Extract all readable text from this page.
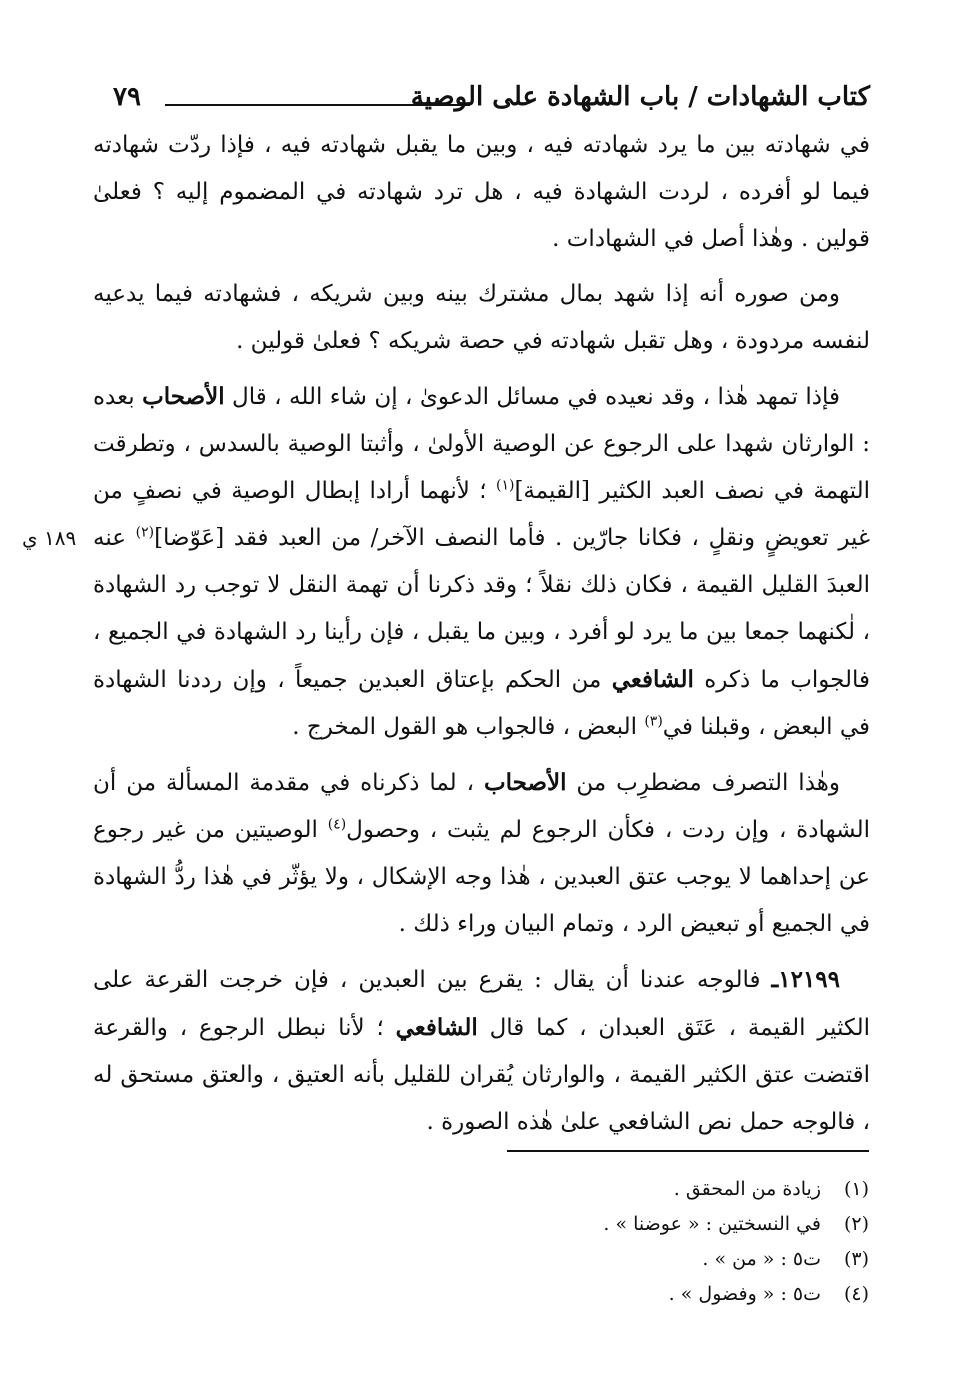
كتاب الشهادات / باب الشهادة على الوصية
٧٩
١٨٩ ي

في شهادته بين ما يرد شهادته فيه ، وبين ما يقبل شهادته فيه ، فإذا ردّت شهادته فيما لو أفرده ، لردت الشهادة فيه ، هل ترد شهادته في المضموم إليه ؟ فعلىٰ قولين . وهٰذا أصل في الشهادات .

ومن صوره أنه إذا شهد بمال مشترك بينه وبين شريكه ، فشهادته فيما يدعيه لنفسه مردودة ، وهل تقبل شهادته في حصة شريكه ؟ فعلىٰ قولين .

فإذا تمهد هٰذا ، وقد نعيده في مسائل الدعوىٰ ، إن شاء الله ، قال الأصحاب بعده : الوارثان شهدا على الرجوع عن الوصية الأولىٰ ، وأثبتا الوصية بالسدس ، وتطرقت التهمة في نصف العبد الكثير [القيمة]$^{(١)}$ ؛ لأنهما أرادا إبطال الوصية في نصفٍ من غير تعويضٍ ونقلٍ ، فكانا جارّين . فأما النصف الآخر/ من العبد فقد [عَوّضا]$^{(٢)}$ عنه العبدَ القليل القيمة ، فكان ذلك نقلاً ؛ وقد ذكرنا أن تهمة النقل لا توجب رد الشهادة ، لٰكنهما جمعا بين ما يرد لو أفرد ، وبين ما يقبل ، فإن رأينا رد الشهادة في الجميع ، فالجواب ما ذكره الشافعي من الحكم بإعتاق العبدين جميعاً ، وإن رددنا الشهادة في البعض ، وقبلنا في$^{(٣)}$ البعض ، فالجواب هو القول المخرج .

وهٰذا التصرف مضطرِب من الأصحاب ، لما ذكرناه في مقدمة المسألة من أن الشهادة ، وإن ردت ، فكأن الرجوع لم يثبت ، وحصول$^{(٤)}$ الوصيتين من غير رجوع عن إحداهما لا يوجب عتق العبدين ، هٰذا وجه الإشكال ، ولا يؤثّر في هٰذا ردُّ الشهادة في الجميع أو تبعيض الرد ، وتمام البيان وراء ذلك .

١٢١٩٩ـ فالوجه عندنا أن يقال : يقرع بين العبدين ، فإن خرجت القرعة على الكثير القيمة ، عَتَق العبدان ، كما قال الشافعي ؛ لأنا نبطل الرجوع ، والقرعة اقتضت عتق الكثير القيمة ، والوارثان يُقران للقليل بأنه العتيق ، والعتق مستحق له ، فالوجه حمل نص الشافعي علىٰ هٰذه الصورة .

(١)
زيادة من المحقق .
(٢)
في النسختين : « عوضنا » .
(٣)
ت٥ : « من » .
(٤)
ت٥ : « وفضول » .
